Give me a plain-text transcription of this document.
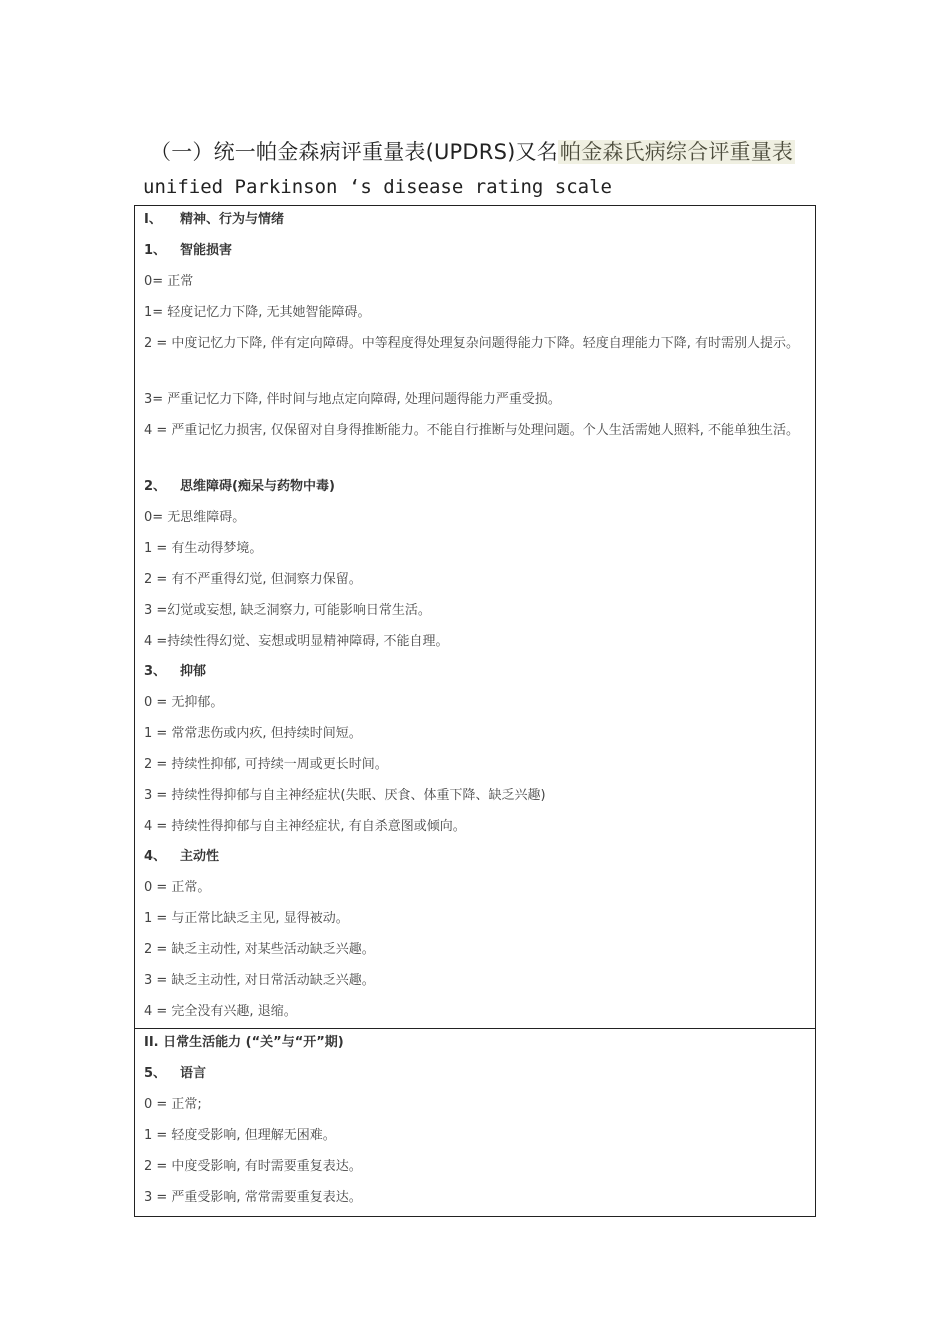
（一）统一帕金森病评重量表(UPDRS)又名帕金森氏病综合评重量表
unified Parkinson ‘s disease rating scale
I、 精神、行为与情绪
1、 智能损害
0= 正常
1= 轻度记忆力下降, 无其她智能障碍。
2 = 中度记忆力下降, 伴有定向障碍。中等程度得处理复杂问题得能力下降。轻度自理能力下降, 有时需别人提示。
3= 严重记忆力下降, 伴时间与地点定向障碍, 处理问题得能力严重受损。
4 = 严重记忆力损害, 仅保留对自身得推断能力。不能自行推断与处理问题。个人生活需她人照料, 不能单独生活。
2、 思维障碍(痴呆与药物中毒)
0= 无思维障碍。
1 = 有生动得梦境。
2 = 有不严重得幻觉, 但洞察力保留。
3 =幻觉或妄想, 缺乏洞察力, 可能影响日常生活。
4 =持续性得幻觉、妄想或明显精神障碍, 不能自理。
3、 抑郁
0 = 无抑郁。
1 = 常常悲伤或内疚, 但持续时间短。
2 = 持续性抑郁, 可持续一周或更长时间。
3 = 持续性得抑郁与自主神经症状(失眠、厌食、体重下降、缺乏兴趣)
4 = 持续性得抑郁与自主神经症状, 有自杀意图或倾向。
4、 主动性
0 = 正常。
1 = 与正常比缺乏主见, 显得被动。
2 = 缺乏主动性, 对某些活动缺乏兴趣。
3 = 缺乏主动性, 对日常活动缺乏兴趣。
4 = 完全没有兴趣, 退缩。
II. 日常生活能力 (“关”与“开”期)
5、 语言
0 = 正常;
1 = 轻度受影响, 但理解无困难。
2 = 中度受影响, 有时需要重复表达。
3 = 严重受影响, 常常需要重复表达。
